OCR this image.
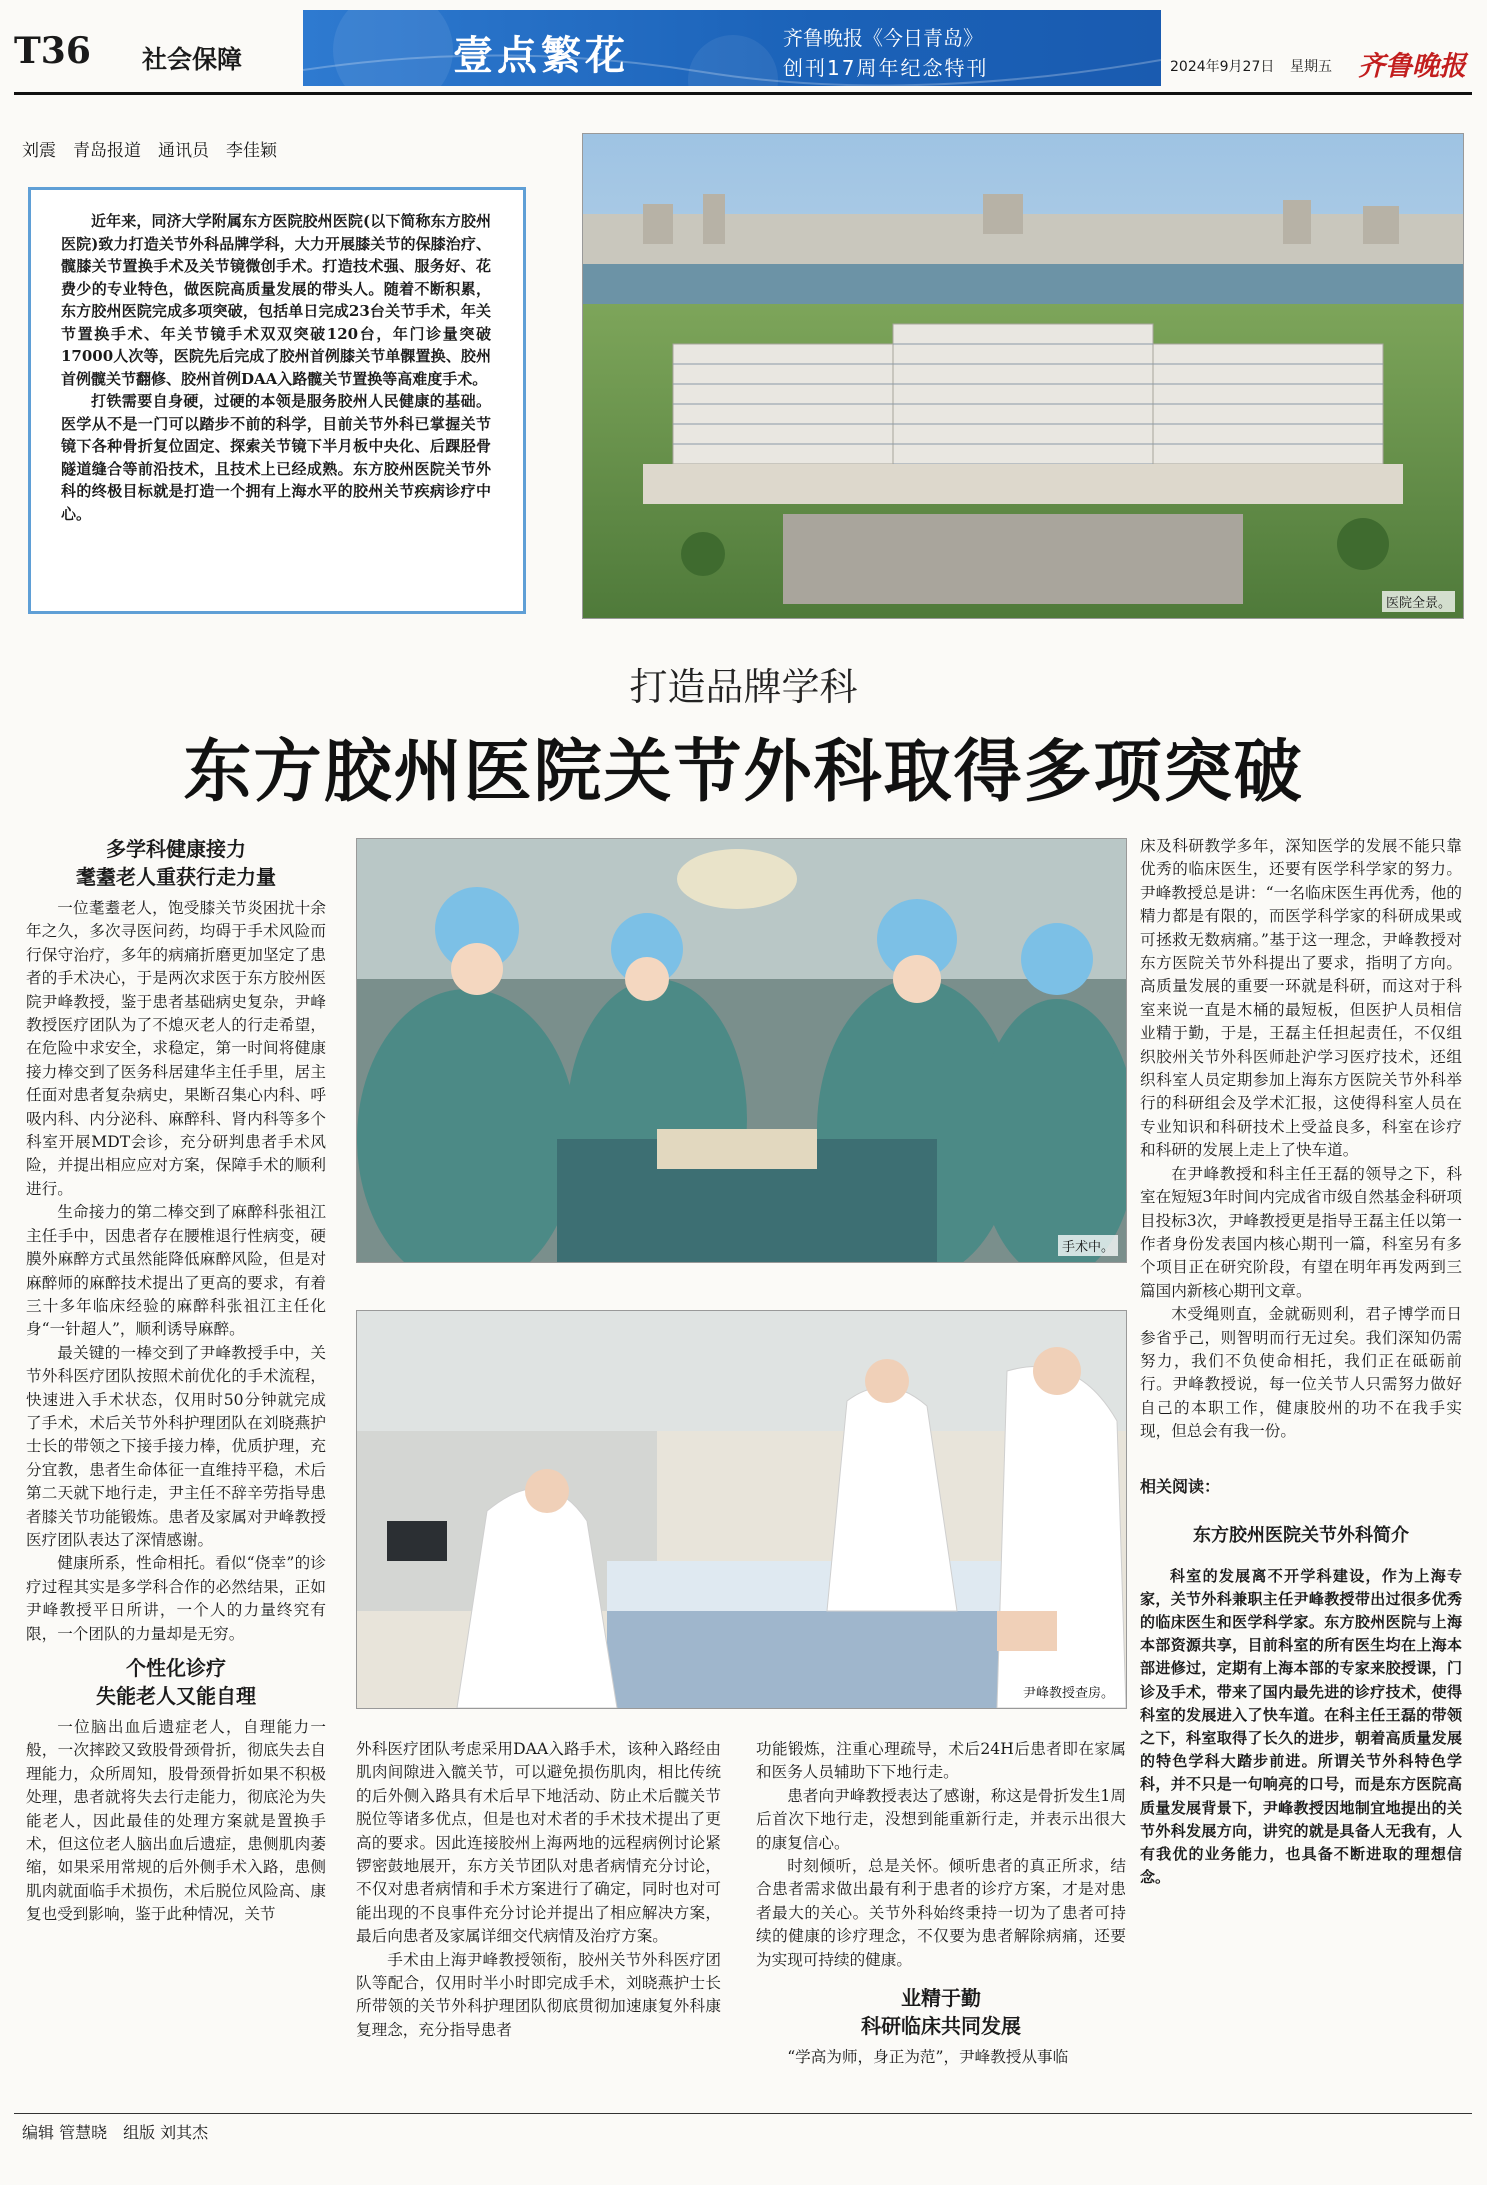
T36 社会保障	壹点繁花	齐鲁晚报《今日青岛》
创刊17周年纪念特刊	2024年9月27日 星期五 齐鲁晚报
刘震　青岛报道　通讯员　李佳颖
近年来，同济大学附属东方医院胶州医院(以下简称东方胶州医院)致力打造关节外科品牌学科，大力开展膝关节的保膝治疗、髋膝关节置换手术及关节镜微创手术。打造技术强、服务好、花费少的专业特色，做医院高质量发展的带头人。随着不断积累，东方胶州医院完成多项突破，包括单日完成23台关节手术，年关节置换手术、年关节镜手术双双突破120台，年门诊量突破17000人次等，医院先后完成了胶州首例膝关节单髁置换、胶州首例髋关节翻修、胶州首例DAA入路髋关节置换等高难度手术。
打铁需要自身硬，过硬的本领是服务胶州人民健康的基础。医学从不是一门可以踏步不前的科学，目前关节外科已掌握关节镜下各种骨折复位固定、探索关节镜下半月板中央化、后踝胫骨隧道缝合等前沿技术，且技术上已经成熟。东方胶州医院关节外科的终极目标就是打造一个拥有上海水平的胶州关节疾病诊疗中心。
医院全景。
打造品牌学科
东方胶州医院关节外科取得多项突破
多学科健康接力
耄耋老人重获行走力量
一位耄耋老人，饱受膝关节炎困扰十余年之久，多次寻医问药，均碍于手术风险而行保守治疗，多年的病痛折磨更加坚定了患者的手术决心，于是两次求医于东方胶州医院尹峰教授，鉴于患者基础病史复杂，尹峰教授医疗团队为了不熄灭老人的行走希望，在危险中求安全，求稳定，第一时间将健康接力棒交到了医务科居建华主任手里，居主任面对患者复杂病史，果断召集心内科、呼吸内科、内分泌科、麻醉科、肾内科等多个科室开展MDT会诊，充分研判患者手术风险，并提出相应应对方案，保障手术的顺利进行。
生命接力的第二棒交到了麻醉科张祖江主任手中，因患者存在腰椎退行性病变，硬膜外麻醉方式虽然能降低麻醉风险，但是对麻醉师的麻醉技术提出了更高的要求，有着三十多年临床经验的麻醉科张祖江主任化身“一针超人”，顺利诱导麻醉。
最关键的一棒交到了尹峰教授手中，关节外科医疗团队按照术前优化的手术流程，快速进入手术状态，仅用时50分钟就完成了手术，术后关节外科护理团队在刘晓燕护士长的带领之下接手接力棒，优质护理，充分宜教，患者生命体征一直维持平稳，术后第二天就下地行走，尹主任不辞辛劳指导患者膝关节功能锻炼。患者及家属对尹峰教授医疗团队表达了深情感谢。
健康所系，性命相托。看似“侥幸”的诊疗过程其实是多学科合作的必然结果，正如尹峰教授平日所讲，一个人的力量终究有限，一个团队的力量却是无穷。
个性化诊疗
失能老人又能自理
一位脑出血后遗症老人，自理能力一般，一次摔跤又致股骨颈骨折，彻底失去自理能力，众所周知，股骨颈骨折如果不积极处理，患者就将失去行走能力，彻底沦为失能老人，因此最佳的处理方案就是置换手术，但这位老人脑出血后遗症，患侧肌肉萎缩，如果采用常规的后外侧手术入路，患侧肌肉就面临手术损伤，术后脱位风险高、康复也受到影响，鉴于此种情况，关节
手术中。
尹峰教授查房。
外科医疗团队考虑采用DAA入路手术，该种入路经由肌肉间隙进入髋关节，可以避免损伤肌肉，相比传统的后外侧入路具有术后早下地活动、防止术后髋关节脱位等诸多优点，但是也对术者的手术技术提出了更高的要求。因此连接胶州上海两地的远程病例讨论紧锣密鼓地展开，东方关节团队对患者病情充分讨论，不仅对患者病情和手术方案进行了确定，同时也对可能出现的不良事件充分讨论并提出了相应解决方案，最后向患者及家属详细交代病情及治疗方案。
手术由上海尹峰教授领衔，胶州关节外科医疗团队等配合，仅用时半小时即完成手术，刘晓燕护士长所带领的关节外科护理团队彻底贯彻加速康复外科康复理念，充分指导患者
功能锻炼，注重心理疏导，术后24H后患者即在家属和医务人员辅助下下地行走。
患者向尹峰教授表达了感谢，称这是骨折发生1周后首次下地行走，没想到能重新行走，并表示出很大的康复信心。
时刻倾听，总是关怀。倾听患者的真正所求，结合患者需求做出最有利于患者的诊疗方案，才是对患者最大的关心。关节外科始终秉持一切为了患者可持续的健康的诊疗理念，不仅要为患者解除病痛，还要为实现可持续的健康。
业精于勤
科研临床共同发展
“学高为师，身正为范”，尹峰教授从事临
床及科研教学多年，深知医学的发展不能只靠优秀的临床医生，还要有医学科学家的努力。尹峰教授总是讲：“一名临床医生再优秀，他的精力都是有限的，而医学科学家的科研成果或可拯救无数病痛。”基于这一理念，尹峰教授对东方医院关节外科提出了要求，指明了方向。高质量发展的重要一环就是科研，而这对于科室来说一直是木桶的最短板，但医护人员相信业精于勤，于是，王磊主任担起责任，不仅组织胶州关节外科医师赴沪学习医疗技术，还组织科室人员定期参加上海东方医院关节外科举行的科研组会及学术汇报，这使得科室人员在专业知识和科研技术上受益良多，科室在诊疗和科研的发展上走上了快车道。
在尹峰教授和科主任王磊的领导之下，科室在短短3年时间内完成省市级自然基金科研项目投标3次，尹峰教授更是指导王磊主任以第一作者身份发表国内核心期刊一篇，科室另有多个项目正在研究阶段，有望在明年再发两到三篇国内新核心期刊文章。
木受绳则直，金就砺则利，君子博学而日参省乎己，则智明而行无过矣。我们深知仍需努力，我们不负使命相托，我们正在砥砺前行。尹峰教授说，每一位关节人只需努力做好自己的本职工作，健康胶州的功不在我手实现，但总会有我一份。
相关阅读：
东方胶州医院关节外科简介
科室的发展离不开学科建设，作为上海专家，关节外科兼职主任尹峰教授带出过很多优秀的临床医生和医学科学家。东方胶州医院与上海本部资源共享，目前科室的所有医生均在上海本部进修过，定期有上海本部的专家来胶授课，门诊及手术，带来了国内最先进的诊疗技术，使得科室的发展进入了快车道。在科主任王磊的带领之下，科室取得了长久的进步，朝着高质量发展的特色学科大踏步前进。所谓关节外科特色学科，并不只是一句响亮的口号，而是东方医院高质量发展背景下，尹峰教授因地制宜地提出的关节外科发展方向，讲究的就是具备人无我有，人有我优的业务能力，也具备不断进取的理想信念。
编辑 管慧晓　组版 刘其杰
